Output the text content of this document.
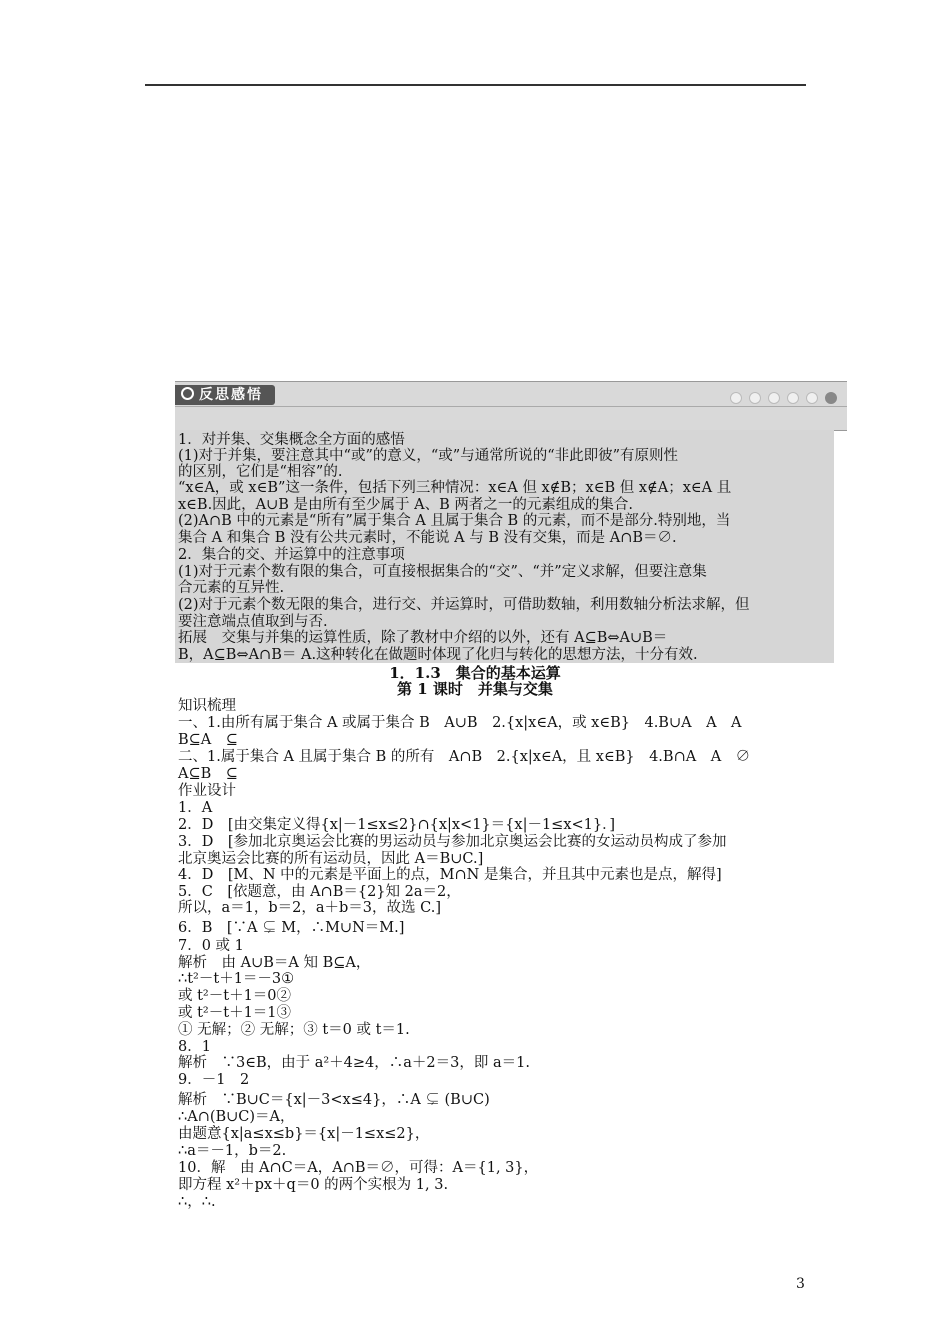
反思感悟
1．对并集、交集概念全方面的感悟
(1)对于并集，要注意其中“或”的意义，“或”与通常所说的“非此即彼”有原则性
的区别，它们是“相容”的.
“x∈A，或 x∈B”这一条件，包括下列三种情况：x∈A 但 x∉B；x∈B 但 x∉A；x∈A 且
x∈B.因此，A∪B 是由所有至少属于 A、B 两者之一的元素组成的集合.
(2)A∩B 中的元素是“所有”属于集合 A 且属于集合 B 的元素，而不是部分.特别地，当
集合 A 和集合 B 没有公共元素时，不能说 A 与 B 没有交集，而是 A∩B＝∅.
2．集合的交、并运算中的注意事项
(1)对于元素个数有限的集合，可直接根据集合的“交”、“并”定义求解，但要注意集
合元素的互异性.
(2)对于元素个数无限的集合，进行交、并运算时，可借助数轴，利用数轴分析法求解，但
要注意端点值取到与否.
拓展　交集与并集的运算性质，除了教材中介绍的以外，还有 A⊆B⇔A∪B＝
B，A⊆B⇔A∩B＝ A.这种转化在做题时体现了化归与转化的思想方法，十分有效.
1．1.3　集合的基本运算
第 1 课时　并集与交集
知识梳理
一、1.由所有属于集合 A 或属于集合 B　A∪B　2.{x|x∈A，或 x∈B}　4.B∪A　A　A
B⊆A　⊆
二、1.属于集合 A 且属于集合 B 的所有　A∩B　2.{x|x∈A，且 x∈B}　4.B∩A　A　∅
A⊆B　⊆
作业设计
1．A
2．D　[由交集定义得{x|－1≤x≤2}∩{x|x<1}＝{x|－1≤x<1}．]
3．D　[参加北京奥运会比赛的男运动员与参加北京奥运会比赛的女运动员构成了参加
北京奥运会比赛的所有运动员，因此 A＝B∪C.]
4．D　[M、N 中的元素是平面上的点，M∩N 是集合，并且其中元素也是点，解得]
5．C　[依题意，由 A∩B＝{2}知 2a＝2，
所以，a＝1，b＝2，a＋b＝3，故选 C.]
6．B　[∵A ⊊ M，∴M∪N＝M.]
7．0 或 1
解析　由 A∪B＝A 知 B⊆A，
∴t²－t＋1＝－3①
或 t²－t＋1＝0②
或 t²－t＋1＝1③
① 无解；② 无解；③ t＝0 或 t＝1.
8．1
解析　∵3∈B，由于 a²＋4≥4，∴a＋2＝3，即 a＝1.
9．－1　2
解析　∵B∪C＝{x|－3<x≤4}，∴A ⊊ (B∪C)
∴A∩(B∪C)＝A，
由题意{x|a≤x≤b}＝{x|－1≤x≤2}，
∴a＝－1，b＝2.
10．解　由 A∩C＝A，A∩B＝∅，可得：A＝{1, 3}，
即方程 x²＋px＋q＝0 的两个实根为 1, 3.
∴，∴.
3
